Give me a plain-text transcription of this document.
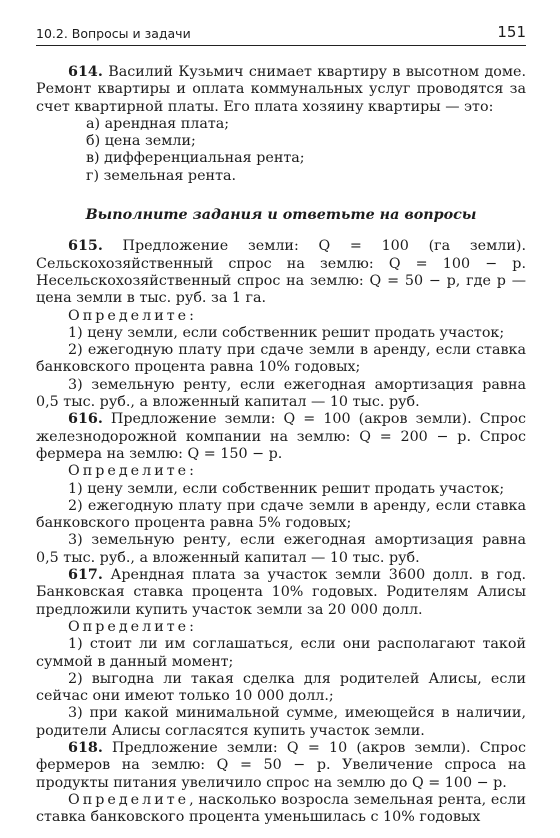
10.2. Вопросы и задачи	151

614. Василий Кузьмич снимает квартиру в высотном доме. Ремонт квартиры и оплата коммунальных услуг проводятся за счет квартирной платы. Его плата хозяину квартиры — это:

а) арендная плата;
б) цена земли;
в) дифференциальная рента;
г) земельная рента.
Выполните задания и ответьте на вопросы

615. Предложение земли: Q = 100 (га земли). Сельскохозяйственный спрос на землю: Q = 100 − p. Несельскохозяйственный спрос на землю: Q = 50 − p, где p — цена земли в тыс. руб. за 1 га.

Определите:

1) цену земли, если собственник решит продать участок;

2) ежегодную плату при сдаче земли в аренду, если ставка банковского процента равна 10% годовых;

3) земельную ренту, если ежегодная амортизация равна 0,5 тыс. руб., а вложенный капитал — 10 тыс. руб.

616. Предложение земли: Q = 100 (акров земли). Спрос железнодорожной компании на землю: Q = 200 − p. Спрос фермера на землю: Q = 150 − p.

Определите:

1) цену земли, если собственник решит продать участок;

2) ежегодную плату при сдаче земли в аренду, если ставка банковского процента равна 5% годовых;

3) земельную ренту, если ежегодная амортизация равна 0,5 тыс. руб., а вложенный капитал — 10 тыс. руб.

617. Арендная плата за участок земли 3600 долл. в год. Банковская ставка процента 10% годовых. Родителям Алисы предложили купить участок земли за 20 000 долл.

Определите:

1) стоит ли им соглашаться, если они располагают такой суммой в данный момент;

2) выгодна ли такая сделка для родителей Алисы, если сейчас они имеют только 10 000 долл.;

3) при какой минимальной сумме, имеющейся в наличии, родители Алисы согласятся купить участок земли.

618. Предложение земли: Q = 10 (акров земли). Спрос фермеров на землю: Q = 50 − p. Увеличение спроса на продукты питания увеличило спрос на землю до Q = 100 − p.

Определите, насколько возросла земельная рента, если ставка банковского процента уменьшилась с 10% годовых
